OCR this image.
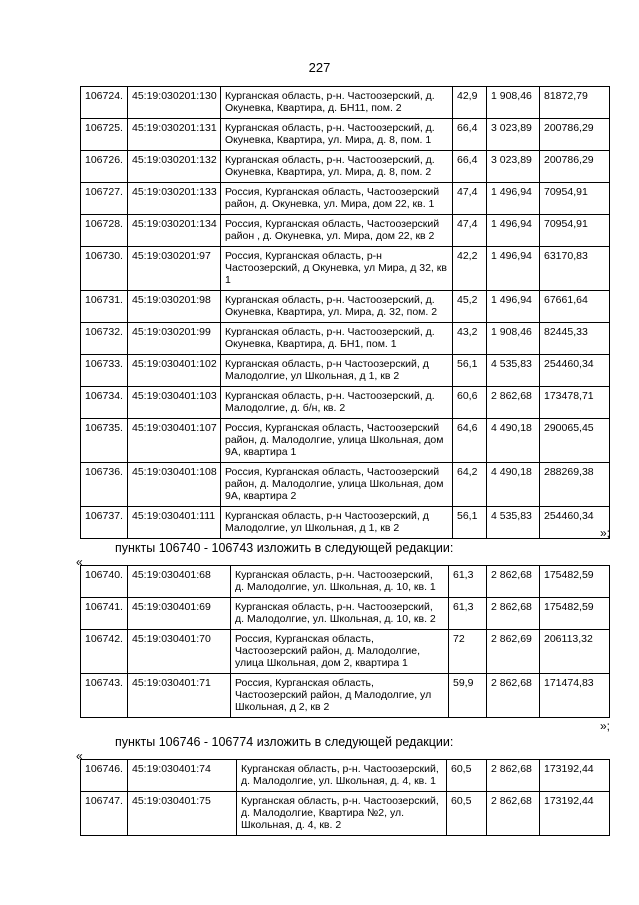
227
106724.	45:19:030201:130	Курганская область, р-н. Частоозерский, д. Окуневка, Квартира, д. БН11, пом. 2	42,9	1 908,46	81872,79
106725.	45:19:030201:131	Курганская область, р-н. Частоозерский, д. Окуневка, Квартира, ул. Мира, д. 8, пом. 1	66,4	3 023,89	200786,29
106726.	45:19:030201:132	Курганская область, р-н. Частоозерский, д. Окуневка, Квартира, ул. Мира, д. 8, пом. 2	66,4	3 023,89	200786,29
106727.	45:19:030201:133	Россия, Курганская область, Частоозерский район, д. Окуневка, ул. Мира, дом 22, кв. 1	47,4	1 496,94	70954,91
106728.	45:19:030201:134	Россия, Курганская область, Частоозерский район , д. Окуневка, ул. Мира, дом 22, кв 2	47,4	1 496,94	70954,91
106730.	45:19:030201:97	Россия, Курганская область, р-н Частоозерский, д Окуневка, ул Мира, д 32, кв 1	42,2	1 496,94	63170,83
106731.	45:19:030201:98	Курганская область, р-н. Частоозерский, д. Окуневка, Квартира, ул. Мира, д. 32, пом. 2	45,2	1 496,94	67661,64
106732.	45:19:030201:99	Курганская область, р-н. Частоозерский, д. Окуневка, Квартира, д. БН1, пом. 1	43,2	1 908,46	82445,33
106733.	45:19:030401:102	Курганская область, р-н Частоозерский, д Малодолгие, ул Школьная, д 1, кв 2	56,1	4 535,83	254460,34
106734.	45:19:030401:103	Курганская область, р-н. Частоозерский, д. Малодолгие, д. б/н, кв. 2	60,6	2 862,68	173478,71
106735.	45:19:030401:107	Россия, Курганская область, Частоозерский район, д. Малодолгие, улица Школьная, дом 9А, квартира 1	64,6	4 490,18	290065,45
106736.	45:19:030401:108	Россия, Курганская область, Частоозерский район, д. Малодолгие, улица Школьная, дом 9А, квартира 2	64,2	4 490,18	288269,38
106737.	45:19:030401:111	Курганская область, р-н Частоозерский, д Малодолгие, ул Школьная, д 1, кв 2	56,1	4 535,83	254460,34
»;
пункты 106740 - 106743 изложить в следующей редакции:
«
106740.	45:19:030401:68	Курганская область, р-н. Частоозерский, д. Малодолгие, ул. Школьная, д. 10, кв. 1	61,3	2 862,68	175482,59
106741.	45:19:030401:69	Курганская область, р-н. Частоозерский, д. Малодолгие, ул. Школьная, д. 10, кв. 2	61,3	2 862,68	175482,59
106742.	45:19:030401:70	Россия, Курганская область, Частоозерский район, д. Малодолгие, улица Школьная, дом 2, квартира 1	72	2 862,69	206113,32
106743.	45:19:030401:71	Россия, Курганская область, Частоозерский район, д Малодолгие, ул Школьная, д 2, кв 2	59,9	2 862,68	171474,83
»;
пункты 106746 - 106774 изложить в следующей редакции:
«
106746.	45:19:030401:74	Курганская область, р-н. Частоозерский, д. Малодолгие, ул. Школьная, д. 4, кв. 1	60,5	2 862,68	173192,44
106747.	45:19:030401:75	Курганская область, р-н. Частоозерский, д. Малодолгие, Квартира №2, ул. Школьная, д. 4, кв. 2	60,5	2 862,68	173192,44
